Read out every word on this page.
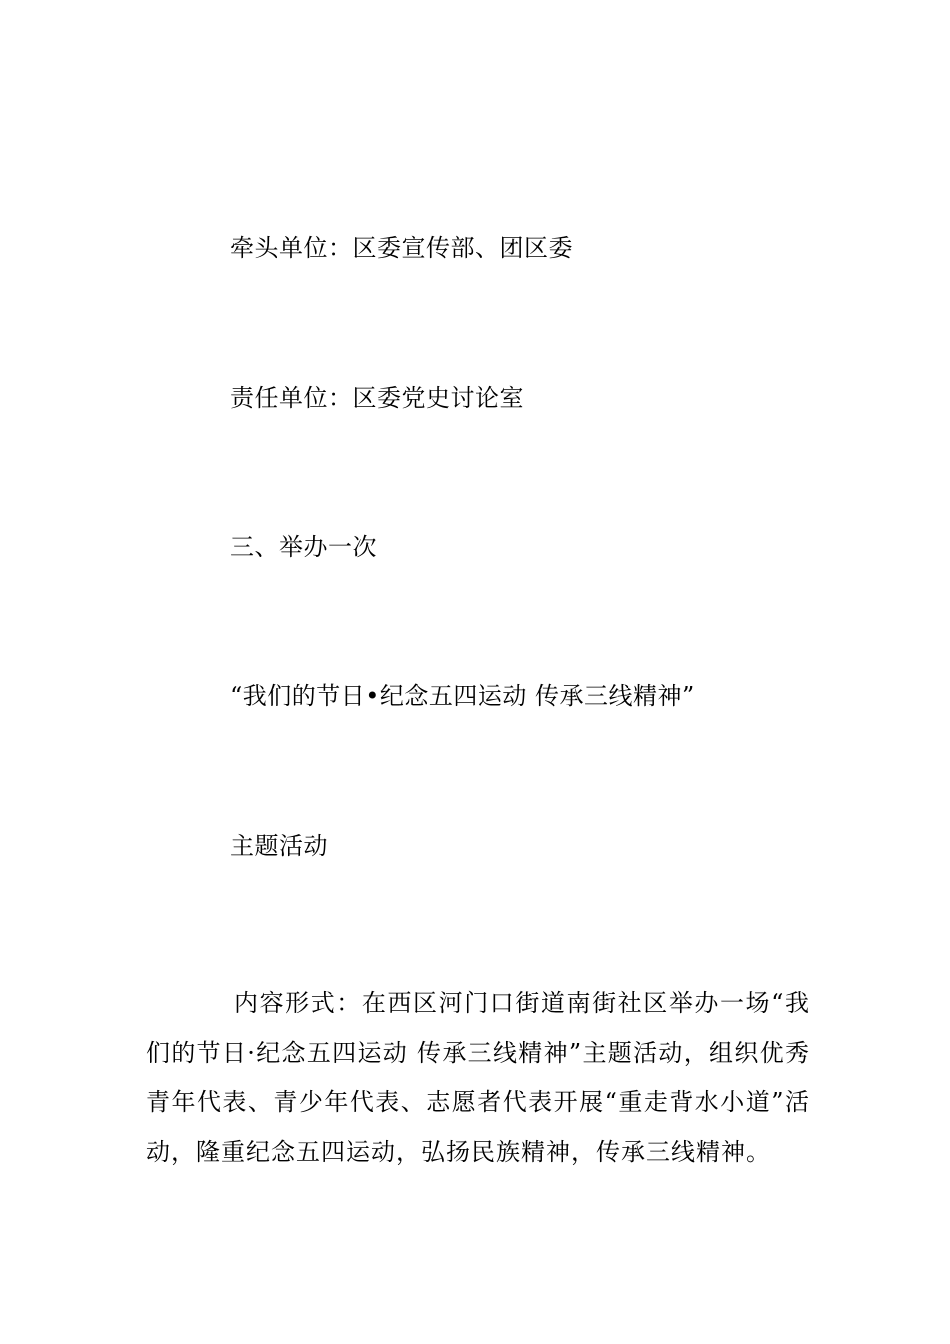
牵头单位：区委宣传部、团区委
责任单位：区委党史讨论室
三、举办一次
“我们的节日•纪念五四运动 传承三线精神”
主题活动

内容形式：在西区河门口街道南街社区举办一场“我们的节日·纪念五四运动 传承三线精神”主题活动，组织优秀青年代表、青少年代表、志愿者代表开展“重走背水小道”活动，隆重纪念五四运动，弘扬民族精神，传承三线精神。
